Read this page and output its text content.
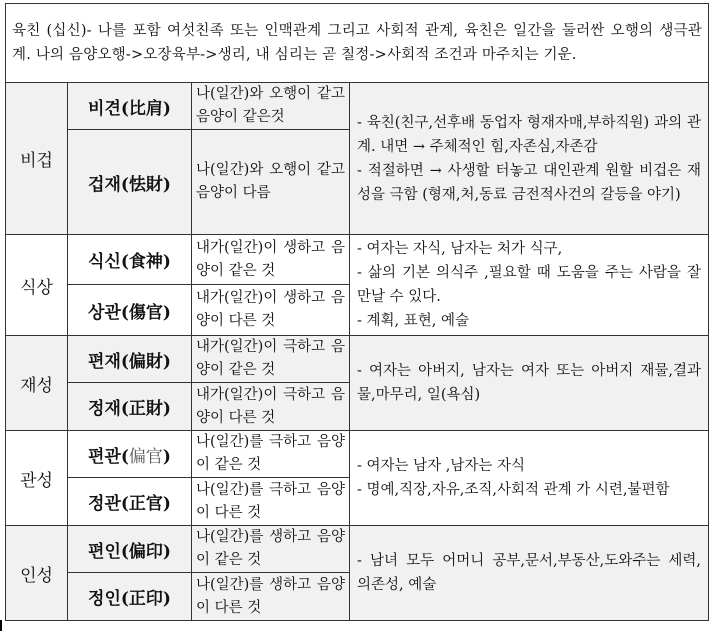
육친 (십신)- 나를 포함 여섯친족 또는 인맥관계 그리고 사회적 관계, 육친은 일간을 둘러싼 오행의 생극관계. 나의 음양오행->오장육부->생리, 내 심리는 곧 칠정->사회적 조건과 마주치는 기운.			
비겁	비견(比肩)	나(일간)와 오행이 같고 음양이 같은것	- 육친(친구,선후배 동업자 형재자매,부하직원) 과의 관계. 내면 → 주체적인 힘,자존심,자존감
- 적절하면 → 사생할 터놓고 대인관계 원할 비겁은 재성을 극함 (형재,처,동료 금전적사건의 갈등을 야기)

	겁재(怯財)	나(일간)와 오행이 같고 음양이 다름	
식상	식신(食神)	내가(일간)이 생하고 음양이 같은 것	- 여자는 자식, 남자는 처가 식구,
- 삶의 기본 의식주 ,필요할 때 도움을 주는 사람을 잘 만날 수 있다.
- 계획, 표현, 예술

	상관(傷官)	내가(일간)이 생하고 음양이 다른 것	
재성	편재(偏財)	내가(일간)이 극하고 음양이 같은 것	- 여자는 아버지, 남자는 여자 또는 아버지 재물,결과물,마무리, 일(욕심)

	정재(正財)	내가(일간)이 극하고 음양이 다른 것	
관성	편관(偏官)	나(일간)를 극하고 음양이 같은 것	- 여자는 남자 ,남자는 자식
- 명예,직장,자유,조직,사회적 관계 가 시련,불편함

	정관(正官)	나(일간)를 극하고 음양이 다른 것	
인성	편인(偏印)	나(일간)를 생하고 음양이 같은 것	- 남녀 모두 어머니 공부,문서,부동산,도와주는 세력, 의존성, 예술

	정인(正印)	나(일간)를 생하고 음양이 다른 것	
